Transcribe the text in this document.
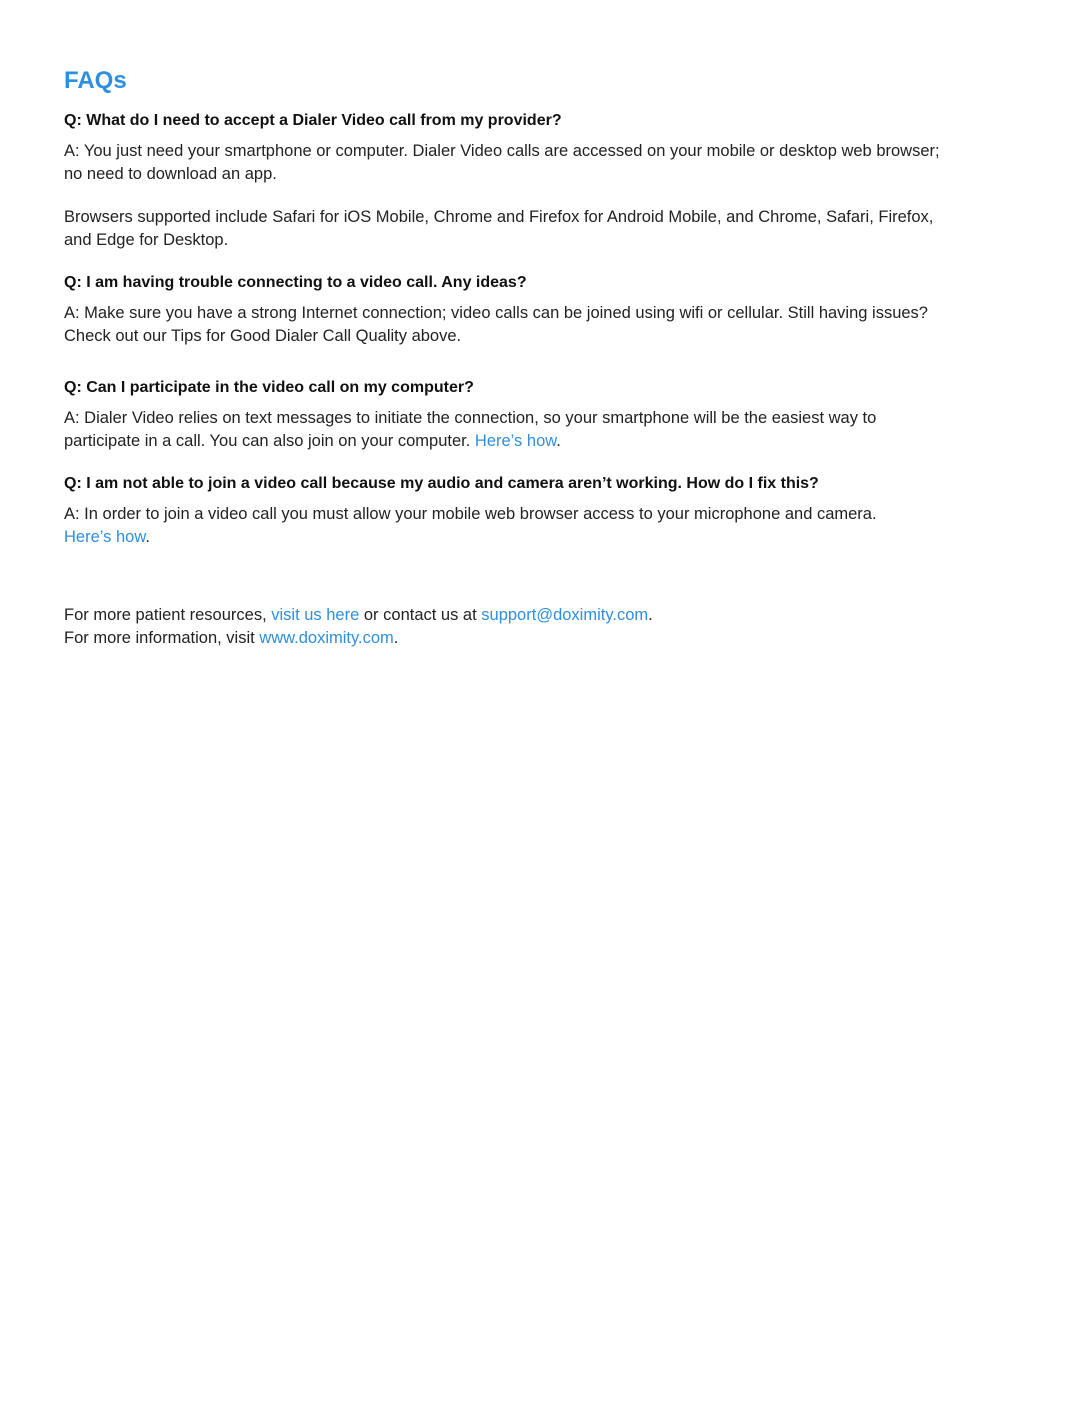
FAQs

Q: What do I need to accept a Dialer Video call from my provider?

A: You just need your smartphone or computer. Dialer Video calls are accessed on your mobile or desktop web browser;
no need to download an app.

Browsers supported include Safari for iOS Mobile, Chrome and Firefox for Android Mobile, and Chrome, Safari, Firefox,
and Edge for Desktop.

Q: I am having trouble connecting to a video call. Any ideas?

A: Make sure you have a strong Internet connection; video calls can be joined using wifi or cellular. Still having issues?
Check out our Tips for Good Dialer Call Quality above.

Q: Can I participate in the video call on my computer?

A: Dialer Video relies on text messages to initiate the connection, so your smartphone will be the easiest way to
participate in a call. You can also join on your computer. Here’s how.

Q: I am not able to join a video call because my audio and camera aren’t working. How do I fix this?

A: In order to join a video call you must allow your mobile web browser access to your microphone and camera.
Here’s how.

For more patient resources, visit us here or contact us at support@doximity.com.

For more information, visit www.doximity.com.
